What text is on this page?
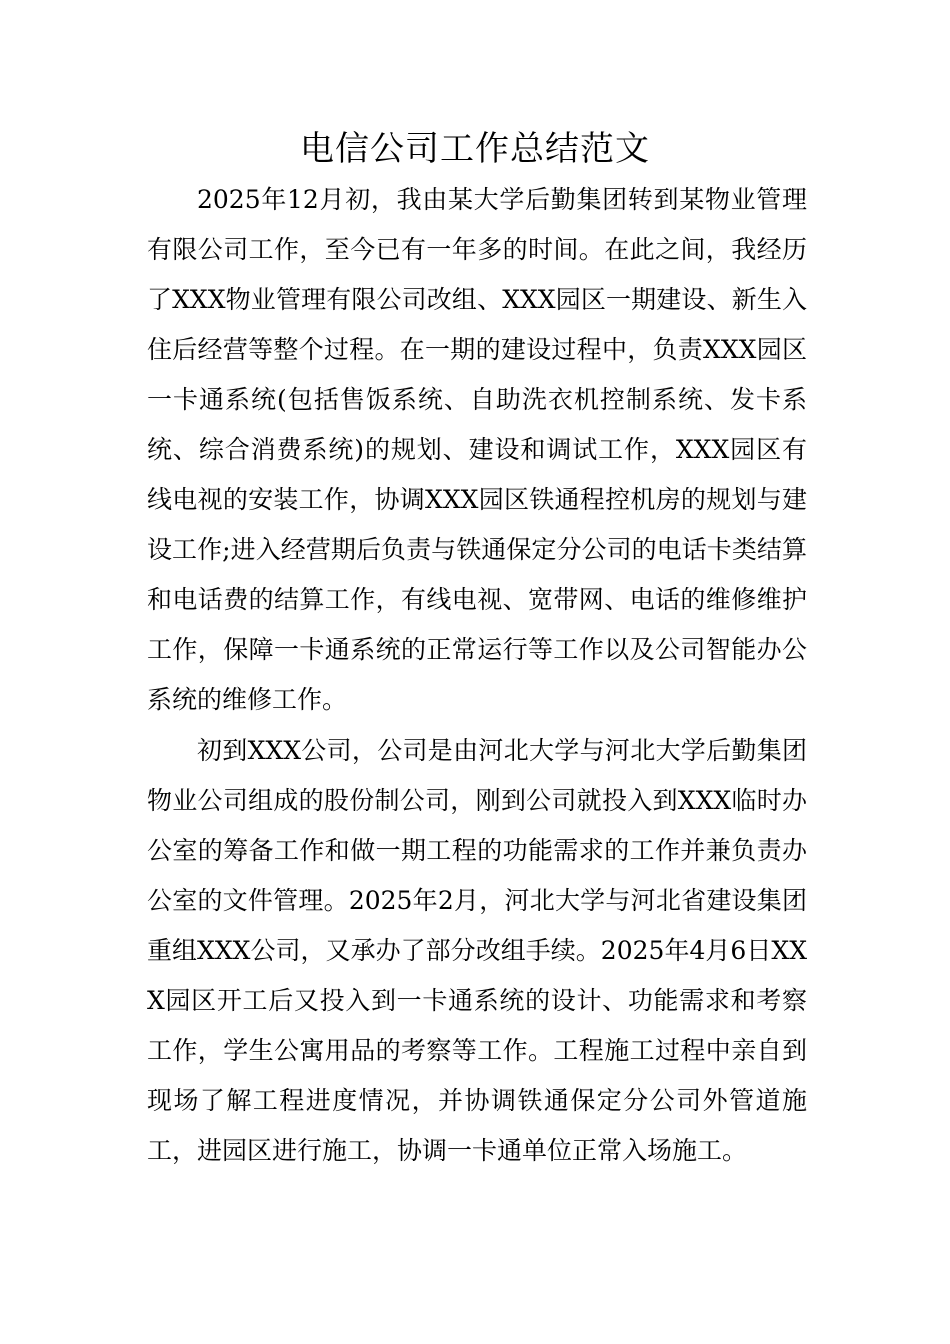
电信公司工作总结范文

2025年12月初，我由某大学后勤集团转到某物业管理有限公司工作，至今已有一年多的时间。在此之间，我经历了XXX物业管理有限公司改组、XXX园区一期建设、新生入住后经营等整个过程。在一期的建设过程中，负责XXX园区一卡通系统(包括售饭系统、自助洗衣机控制系统、发卡系统、综合消费系统)的规划、建设和调试工作，XXX园区有线电视的安装工作，协调XXX园区铁通程控机房的规划与建设工作;进入经营期后负责与铁通保定分公司的电话卡类结算和电话费的结算工作，有线电视、宽带网、电话的维修维护工作，保障一卡通系统的正常运行等工作以及公司智能办公系统的维修工作。

初到XXX公司，公司是由河北大学与河北大学后勤集团物业公司组成的股份制公司，刚到公司就投入到XXX临时办公室的筹备工作和做一期工程的功能需求的工作并兼负责办公室的文件管理。2025年2月，河北大学与河北省建设集团重组XXX公司，又承办了部分改组手续。2025年4月6日XXX园区开工后又投入到一卡通系统的设计、功能需求和考察工作，学生公寓用品的考察等工作。工程施工过程中亲自到现场了解工程进度情况，并协调铁通保定分公司外管道施工，进园区进行施工，协调一卡通单位正常入场施工。
